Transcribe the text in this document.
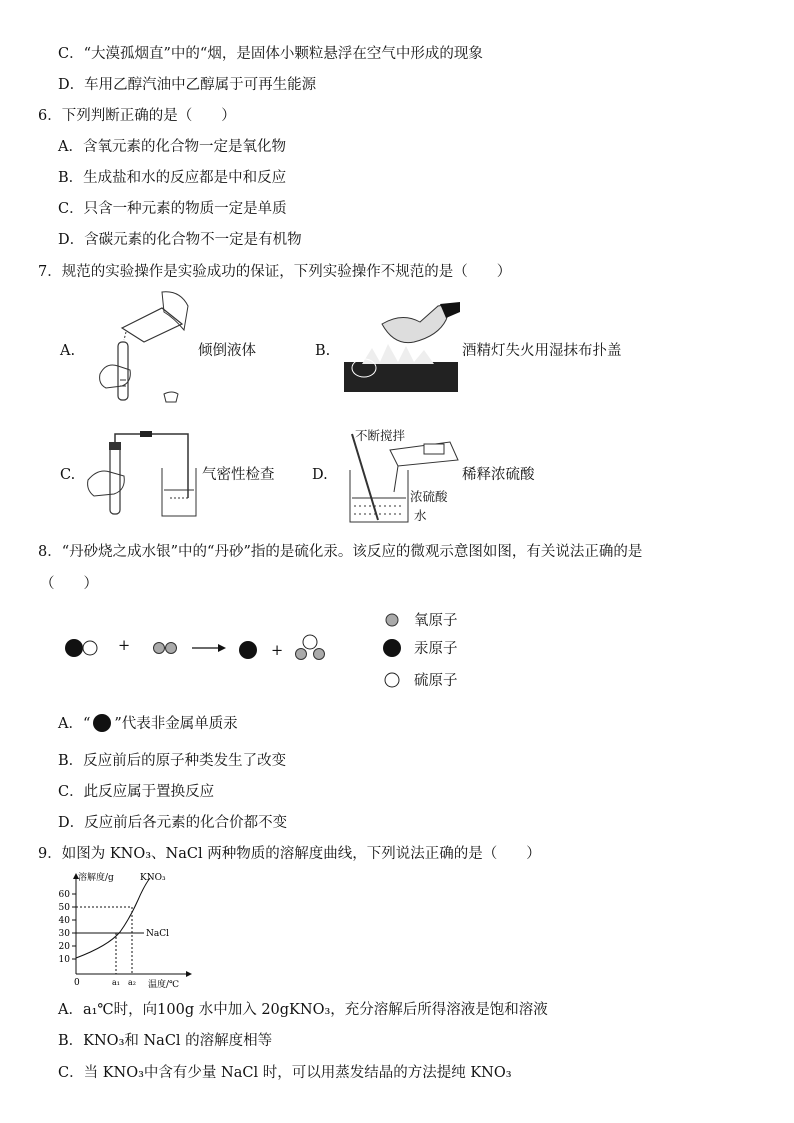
C．“大漠孤烟直”中的“烟，是固体小颗粒悬浮在空气中形成的现象
D．车用乙醇汽油中乙醇属于可再生能源
6．下列判断正确的是（　　）
A．含氧元素的化合物一定是氧化物
B．生成盐和水的反应都是中和反应
C．只含一种元素的物质一定是单质
D．含碳元素的化合物不一定是有机物
7．规范的实验操作是实验成功的保证，下列实验操作不规范的是（　　）
A.	倾倒液体	B.	酒精灯失火用湿抹布扑盖
C.	气密性检查	D.
不断搅拌
浓硫酸
水
稀释浓硫酸
8．“丹砂烧之成水银”中的“丹砂”指的是硫化汞。该反应的微观示意图如图，有关说法正确的是
（　　）
+	+
氧原子
汞原子
硫原子
A．“ ”代表非金属单质汞
B．反应前后的原子种类发生了改变
C．此反应属于置换反应
D．反应前后各元素的化合价都不变
9．如图为 KNO₃、NaCl 两种物质的溶解度曲线，下列说法正确的是（　　）
60
50
40
30
20
10
溶解度/g
0	a₁ a₂ 温度/℃
NaCl
KNO₃
A．a₁℃时，向100g 水中加入 20gKNO₃，充分溶解后所得溶液是饱和溶液
B．KNO₃和 NaCl 的溶解度相等
C．当 KNO₃中含有少量 NaCl 时，可以用蒸发结晶的方法提纯 KNO₃
